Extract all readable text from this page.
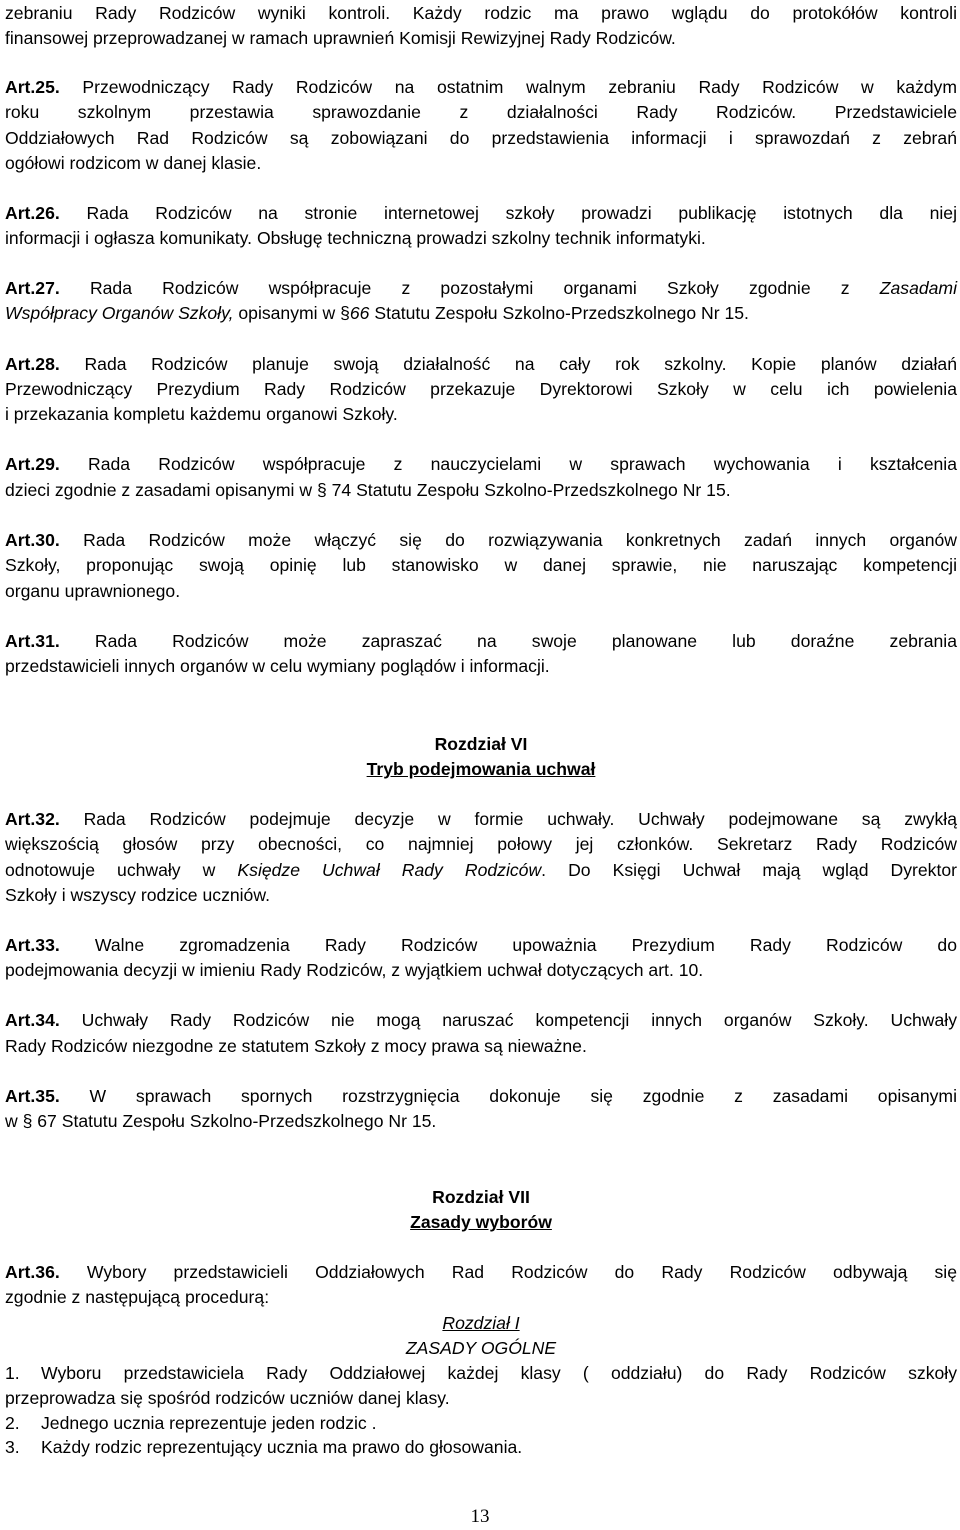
zebraniu Rady Rodziców wyniki kontroli. Każdy rodzic ma prawo wglądu do protokółów kontroli
finansowej przeprowadzanej w ramach uprawnień Komisji Rewizyjnej Rady Rodziców.
Art.25. Przewodniczący Rady Rodziców na ostatnim walnym zebraniu Rady Rodziców w każdym
roku szkolnym przestawia sprawozdanie z działalności Rady Rodziców. Przedstawiciele
Oddziałowych Rad Rodziców są zobowiązani do przedstawienia informacji i sprawozdań z zebrań
ogółowi rodzicom w danej klasie.
Art.26. Rada Rodziców na stronie internetowej szkoły prowadzi publikację istotnych dla niej
informacji i ogłasza komunikaty. Obsługę techniczną prowadzi szkolny technik informatyki.
Art.27. Rada Rodziców współpracuje z pozostałymi organami Szkoły zgodnie z Zasadami
Współpracy Organów Szkoły, opisanymi w §66 Statutu Zespołu Szkolno-Przedszkolnego Nr 15.
Art.28. Rada Rodziców planuje swoją działalność na cały rok szkolny. Kopie planów działań
Przewodniczący Prezydium Rady Rodziców przekazuje Dyrektorowi Szkoły w celu ich powielenia
i przekazania kompletu każdemu organowi Szkoły.
Art.29. Rada Rodziców współpracuje z nauczycielami w sprawach wychowania i kształcenia
dzieci zgodnie z zasadami opisanymi w § 74 Statutu Zespołu Szkolno-Przedszkolnego Nr 15.
Art.30. Rada Rodziców może włączyć się do rozwiązywania konkretnych zadań innych organów
Szkoły, proponując swoją opinię lub stanowisko w danej sprawie, nie naruszając kompetencji
organu uprawnionego.
Art.31. Rada Rodziców może zapraszać na swoje planowane lub doraźne zebrania
przedstawicieli innych organów w celu wymiany poglądów i informacji.
Rozdział VI
Tryb podejmowania uchwał
Art.32. Rada Rodziców podejmuje decyzje w formie uchwały. Uchwały podejmowane są zwykłą
większością głosów przy obecności, co najmniej połowy jej członków. Sekretarz Rady Rodziców
odnotowuje uchwały w Księdze Uchwał Rady Rodziców. Do Księgi Uchwał mają wgląd Dyrektor
Szkoły i wszyscy rodzice uczniów.
Art.33. Walne zgromadzenia Rady Rodziców upoważnia Prezydium Rady Rodziców do
podejmowania decyzji w imieniu Rady Rodziców, z wyjątkiem uchwał dotyczących art. 10.
Art.34. Uchwały Rady Rodziców nie mogą naruszać kompetencji innych organów Szkoły. Uchwały
Rady Rodziców niezgodne ze statutem Szkoły z mocy prawa są nieważne.
Art.35. W sprawach spornych rozstrzygnięcia dokonuje się zgodnie z zasadami opisanymi
w § 67 Statutu Zespołu Szkolno-Przedszkolnego Nr 15.
Rozdział VII
Zasady wyborów
Art.36. Wybory przedstawicieli Oddziałowych Rad Rodziców do Rady Rodziców odbywają się
zgodnie z następującą procedurą:
Rozdział I
ZASADY OGÓLNE
1. Wyboru przedstawiciela Rady Oddziałowej każdej klasy ( oddziału) do Rady Rodziców szkoły
przeprowadza się spośród rodziców uczniów danej klasy.
2. Jednego ucznia reprezentuje jeden rodzic .
3. Każdy rodzic reprezentujący ucznia ma prawo do głosowania.
13
